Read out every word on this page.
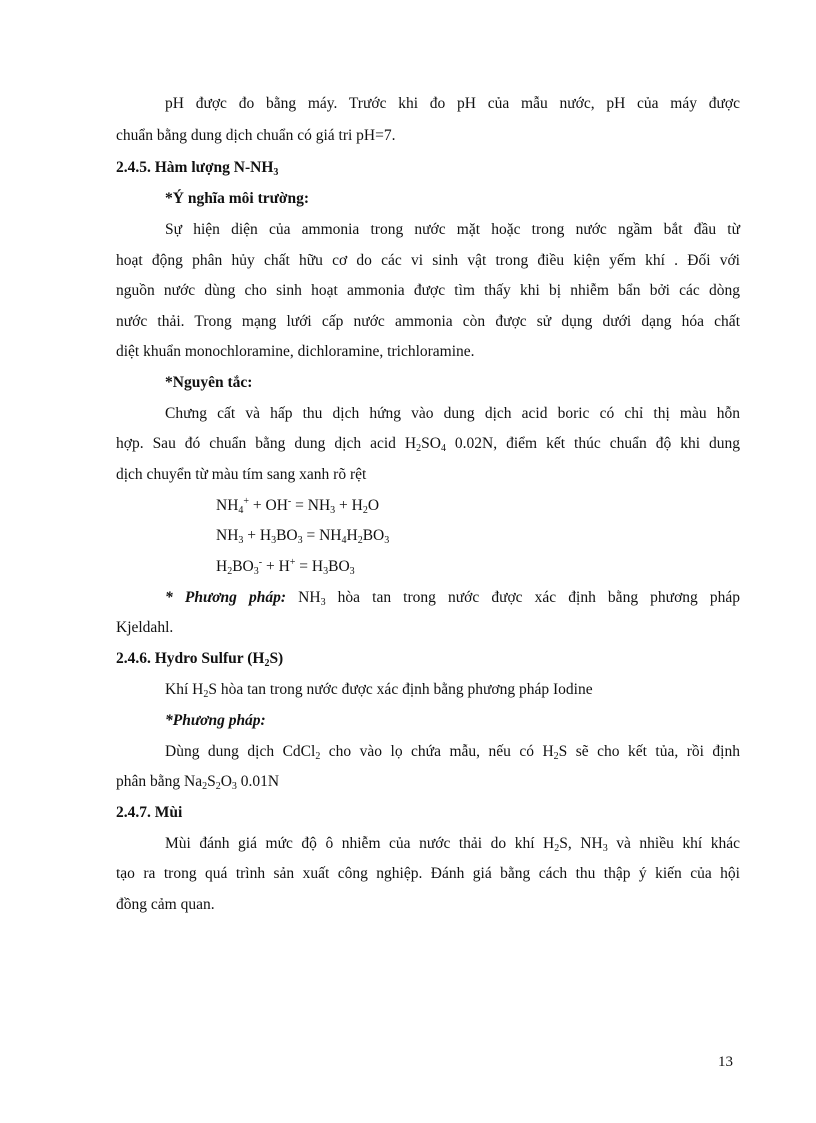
pH được đo bằng máy. Trước khi đo pH của mẫu nước, pH của máy được
chuẩn bằng dung dịch chuẩn có giá tri pH=7.
2.4.5. Hàm lượng $N-NH_3$
*Ý nghĩa môi trường:
Sự hiện diện của ammonia trong nước mặt hoặc trong nước ngầm bắt đầu từ
hoạt động phân hủy chất hữu cơ do các vi sinh vật trong điều kiện yếm khí . Đối với
nguồn nước dùng cho sinh hoạt ammonia được tìm thấy khi bị nhiễm bẩn bởi các dòng
nước thải. Trong mạng lưới cấp nước ammonia còn được sử dụng dưới dạng hóa chất
diệt khuẩn monochloramine, dichloramine, trichloramine.
*Nguyên tắc:
Chưng cất và hấp thu dịch hứng vào dung dịch acid boric có chỉ thị màu hỗn
hợp. Sau đó chuẩn bằng dung dịch acid $H_2SO_4$ 0.02N, điểm kết thúc chuẩn độ khi dung
dịch chuyển từ màu tím sang xanh rõ rệt
$NH_4^+ + OH^- = NH_3 + H_2O$
$NH_3 + H_3BO_3 = NH_4H_2BO_3$
$H_2BO_3^- + H^+ = H_3BO_3$
* Phương pháp: $NH_3$ hòa tan trong nước được xác định bằng phương pháp
Kjeldahl.
2.4.6. Hydro Sulfur $(H_2S)$
Khí $H_2S$ hòa tan trong nước được xác định bằng phương pháp Iodine
*Phương pháp:
Dùng dung dịch CdCl$_2$ cho vào lọ chứa mẫu, nếu có $H_2S$ sẽ cho kết tủa, rồi định
phân bằng $Na_2S_2O_3$ 0.01N
2.4.7. Mùi
Mùi đánh giá mức độ ô nhiễm của nước thải do khí $H_2S$, $NH_3$ và nhiều khí khác
tạo ra trong quá trình sản xuất công nghiệp. Đánh giá bằng cách thu thập ý kiến của hội
đồng cảm quan.
13
